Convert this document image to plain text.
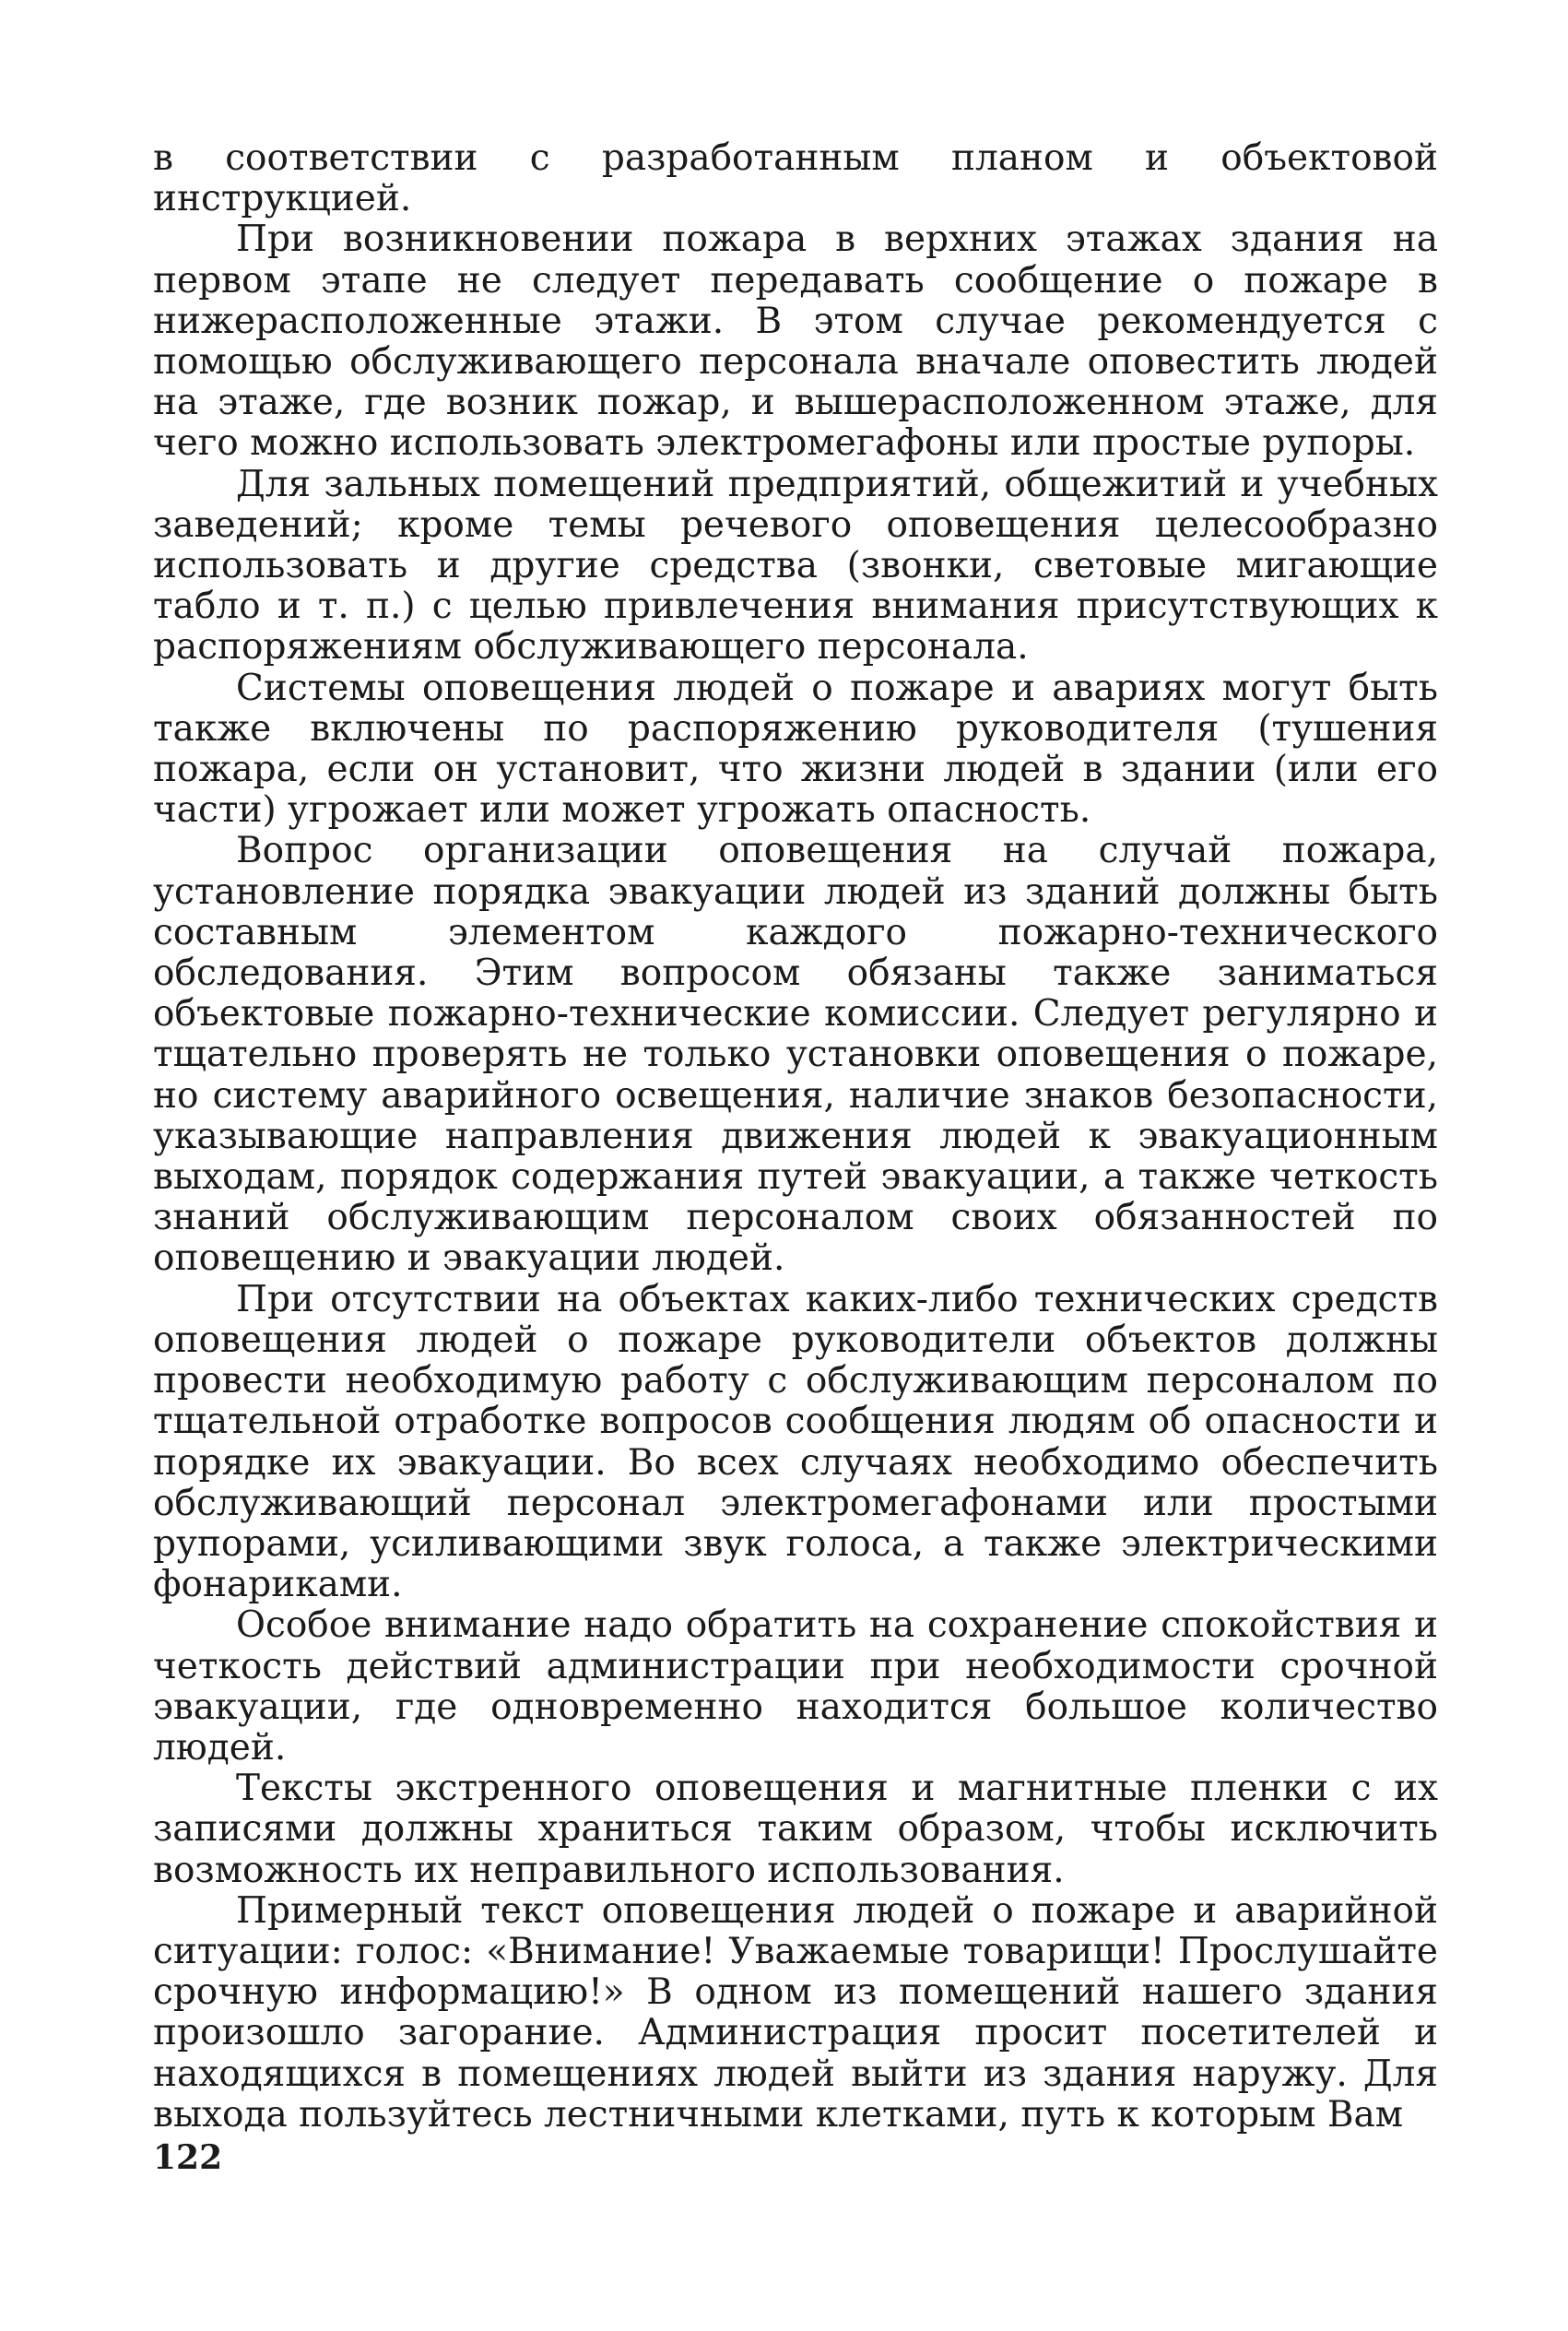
в соответствии с разработанным планом и объектовой инструкцией.

При возникновении пожара в верхних этажах здания на первом этапе не следует передавать сообщение о пожаре в нижерасположенные этажи. В этом случае рекомендуется с помощью обслуживающего персонала вначале оповестить людей на этаже, где возник пожар, и вышерасположенном этаже, для чего можно использовать электромегафоны или простые рупоры.

Для зальных помещений предприятий, общежитий и учебных заведений; кроме темы речевого оповещения целесообразно использовать и другие средства (звонки, световые мигающие табло и т. п.) с целью привлечения внимания присутствующих к распоряжениям обслуживающего персонала.

Системы оповещения людей о пожаре и авариях могут быть также включены по распоряжению руководителя (тушения пожара, если он установит, что жизни людей в здании (или его части) угрожает или может угрожать опасность.

Вопрос организации оповещения на случай пожара, установление порядка эвакуации людей из зданий должны быть составным элементом каждого пожарно-технического обследования. Этим вопросом обязаны также заниматься объектовые пожарно-технические комиссии. Следует регулярно и тщательно проверять не только установки оповещения о пожаре, но систему аварийного освещения, наличие знаков безопасности, указывающие направления движения людей к эвакуационным выходам, порядок содержания путей эвакуации, а также четкость знаний обслуживающим персоналом своих обязанностей по оповещению и эвакуации людей.

При отсутствии на объектах каких-либо технических средств оповещения людей о пожаре руководители объектов должны провести необходимую работу с обслуживающим персоналом по тщательной отработке вопросов сообщения людям об опасности и порядке их эвакуации. Во всех случаях необходимо обеспечить обслуживающий персонал электромегафонами или простыми рупорами, усиливающими звук голоса, а также электрическими фонариками.

Особое внимание надо обратить на сохранение спокойствия и четкость действий администрации при необходимости срочной эвакуации, где одновременно находится большое количество людей.

Тексты экстренного оповещения и магнитные пленки с их записями должны храниться таким образом, чтобы исключить возможность их неправильного использования.

Примерный текст оповещения людей о пожаре и аварийной ситуации: голос: «Внимание! Уважаемые товарищи! Прослушайте срочную информацию!» В одном из помещений нашего здания произошло загорание. Администрация просит посетителей и находящихся в помещениях людей выйти из здания наружу. Для выхода пользуйтесь лестничными клетками, путь к которым Вам

122
